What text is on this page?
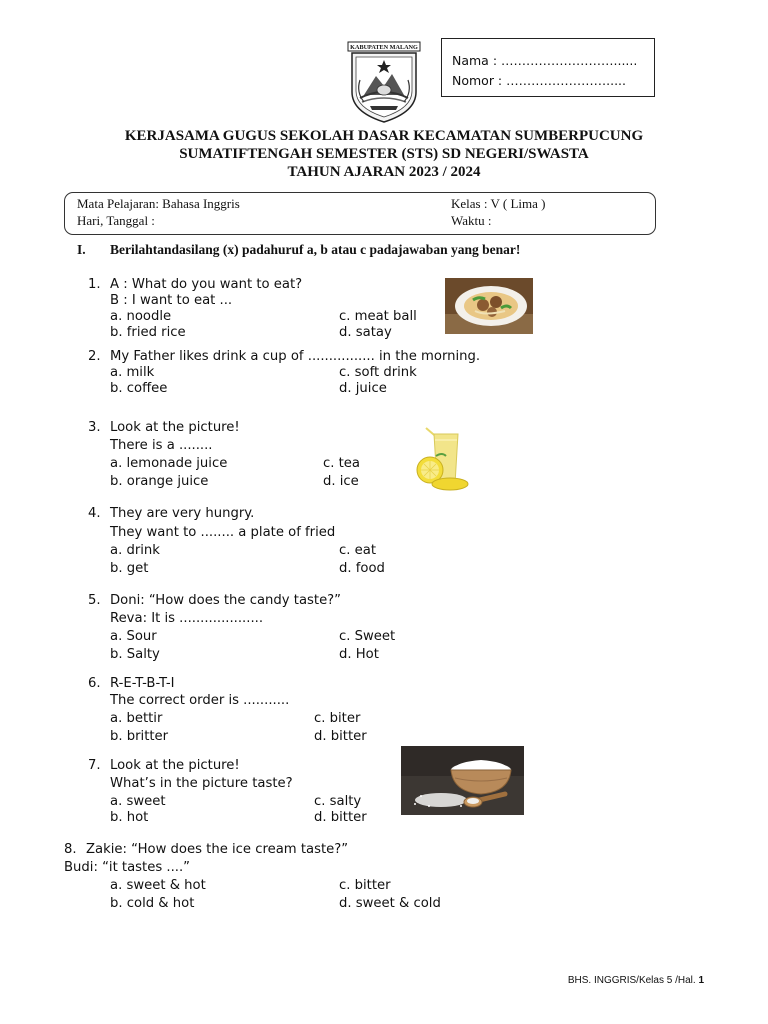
KABUPATEN MALANG
Nama : ………………………......
Nomor : …………………….....
KERJASAMA GUGUS SEKOLAH DASAR KECAMATAN SUMBERPUCUNG
SUMATIFTENGAH SEMESTER (STS) SD NEGERI/SWASTA
TAHUN AJARAN 2023 / 2024
Mata Pelajaran: Bahasa Inggris
Hari, Tanggal :
Kelas : V ( Lima )
Waktu :
I. Berilahtandasilang (x) padahuruf a, b atau c padajawaban yang benar!
1. A : What do you want to eat?
B : I want to eat ...
a. noodle
b. fried rice
c. meat ball
d. satay
2. My Father likes drink a cup of ................ in the morning.
a. milk
b. coffee
c. soft drink
d. juice
3. Look at the picture!
There is a ........
a. lemonade juice
b. orange juice
c. tea
d. ice
4. They are very hungry.
They want to ........ a plate of fried
a. drink
b. get
c. eat
d. food
5. Doni: “How does the candy taste?”
Reva: It is ....................
a. Sour
b. Salty
c. Sweet
d. Hot
6. R-E-T-B-T-I
The correct order is ...........
a. bettir
b. britter
c. biter
d. bitter
7. Look at the picture!
What’s in the picture taste?
a. sweet
b. hot
c. salty
d. bitter
8. Zakie: “How does the ice cream taste?”
Budi: “it tastes ....”
a. sweet & hot
b. cold & hot
c. bitter
d. sweet & cold
BHS. INGGRIS/Kelas 5 /Hal. 1
